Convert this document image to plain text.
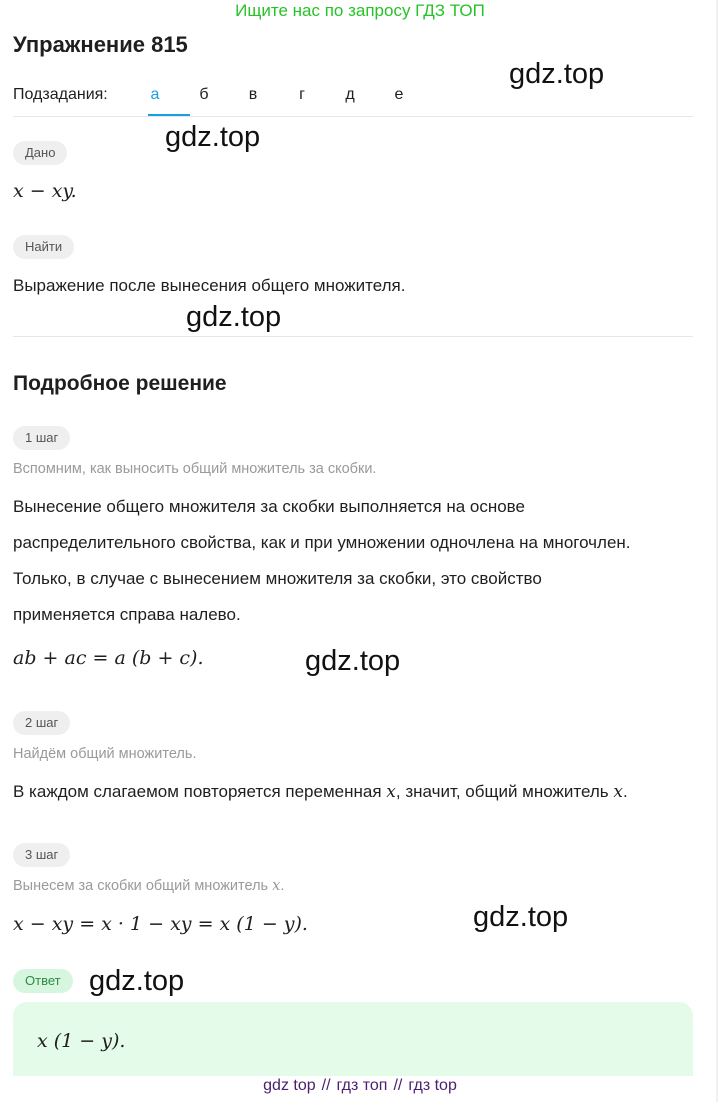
Ищите нас по запросу ГДЗ ТОП
Упражнение 815
gdz.top
Подзадания:	а	б	в	г	д	е
Дано	gdz.top
x − xy.
Найти
Выражение после вынесения общего множителя.
gdz.top
Подробное решение
1 шаг
Вспомним, как выносить общий множитель за скобки.
Вынесение общего множителя за скобки выполняется на основе
распределительного свойства, как и при умножении одночлена на многочлен.
Только, в случае с вынесением множителя за скобки, это свойство
применяется справа налево.
ab + ac = a (b + c).	gdz.top
2 шаг
Найдём общий множитель.
В каждом слагаемом повторяется переменная x, значит, общий множитель x.
3 шаг
Вынесем за скобки общий множитель x.
x − xy = x · 1 − xy = x (1 − y).	gdz.top
Ответ gdz.top
x (1 − y).
gdz top // гдз топ // гдз top
